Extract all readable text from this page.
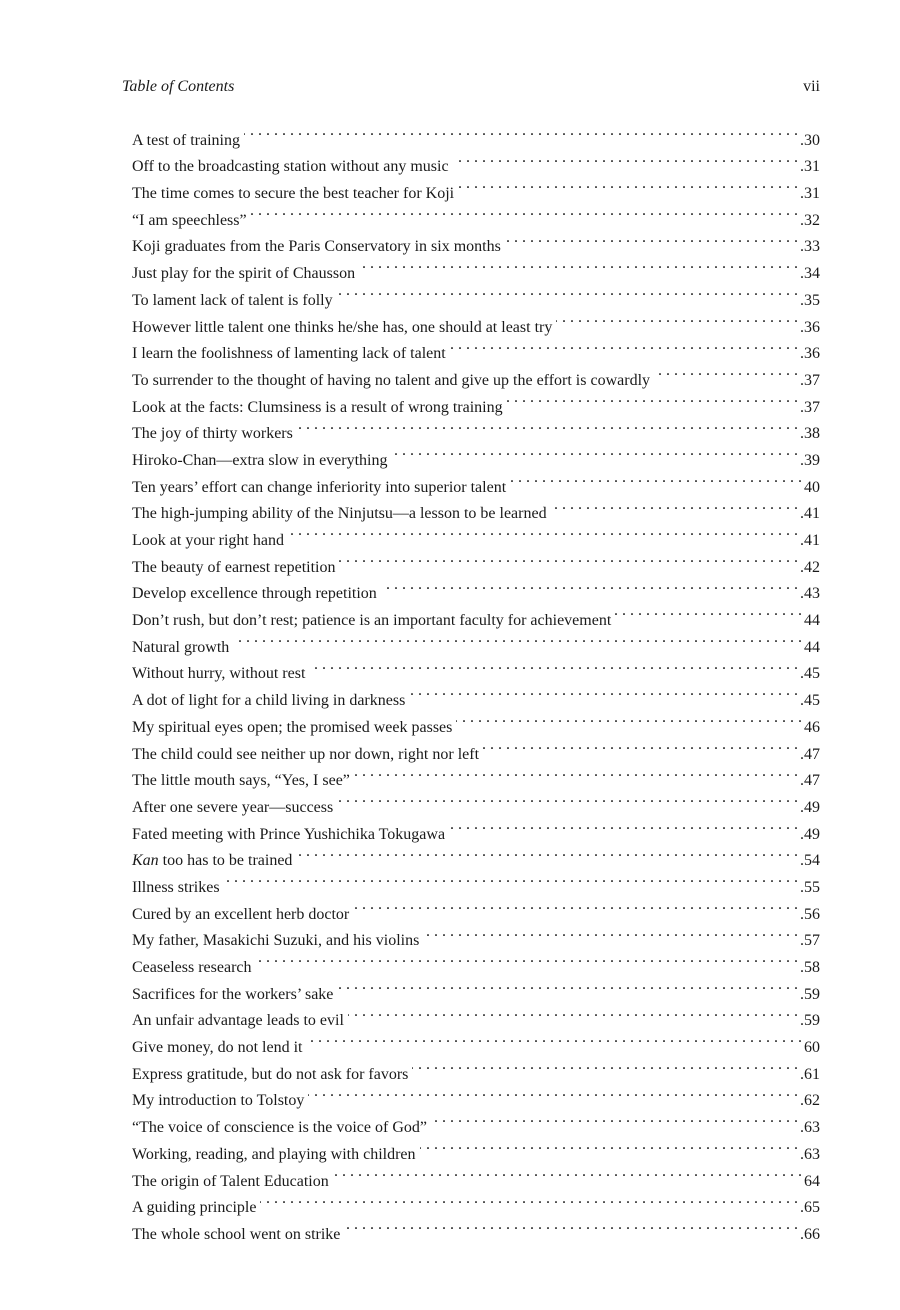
Table of Contents	vii
A test of training . . .	.30
Off to the broadcasting station without any music . . .	.31
The time comes to secure the best teacher for Koji . . .	.31
“I am speechless” . . .	.32
Koji graduates from the Paris Conservatory in six months . . .	.33
Just play for the spirit of Chausson . . .	.34
To lament lack of talent is folly . . .	.35
However little talent one thinks he/she has, one should at least try . . .	.36
I learn the foolishness of lamenting lack of talent . . .	.36
To surrender to the thought of having no talent and give up the effort is cowardly . . .	.37
Look at the facts: Clumsiness is a result of wrong training . . .	.37
The joy of thirty workers . . .	.38
Hiroko-Chan—extra slow in everything . . .	.39
Ten years’ effort can change inferiority into superior talent . . .	40
The high-jumping ability of the Ninjutsu—a lesson to be learned . . .	.41
Look at your right hand . . .	.41
The beauty of earnest repetition . . .	.42
Develop excellence through repetition . . .	.43
Don’t rush, but don’t rest; patience is an important faculty for achievement . . .	44
Natural growth . . .	44
Without hurry, without rest . . .	.45
A dot of light for a child living in darkness . . .	.45
My spiritual eyes open; the promised week passes . . .	46
The child could see neither up nor down, right nor left . . .	.47
The little mouth says, “Yes, I see” . . .	.47
After one severe year—success . . .	.49
Fated meeting with Prince Yushichika Tokugawa . . .	.49
Kan too has to be trained . . .	.54
Illness strikes . . .	.55
Cured by an excellent herb doctor . . .	.56
My father, Masakichi Suzuki, and his violins . . .	.57
Ceaseless research . . .	.58
Sacrifices for the workers’ sake . . .	.59
An unfair advantage leads to evil . . .	.59
Give money, do not lend it . . .	60
Express gratitude, but do not ask for favors . . .	.61
My introduction to Tolstoy . . .	.62
“The voice of conscience is the voice of God” . . .	.63
Working, reading, and playing with children . . .	.63
The origin of Talent Education . . .	64
A guiding principle . . .	.65
The whole school went on strike . . .	.66
